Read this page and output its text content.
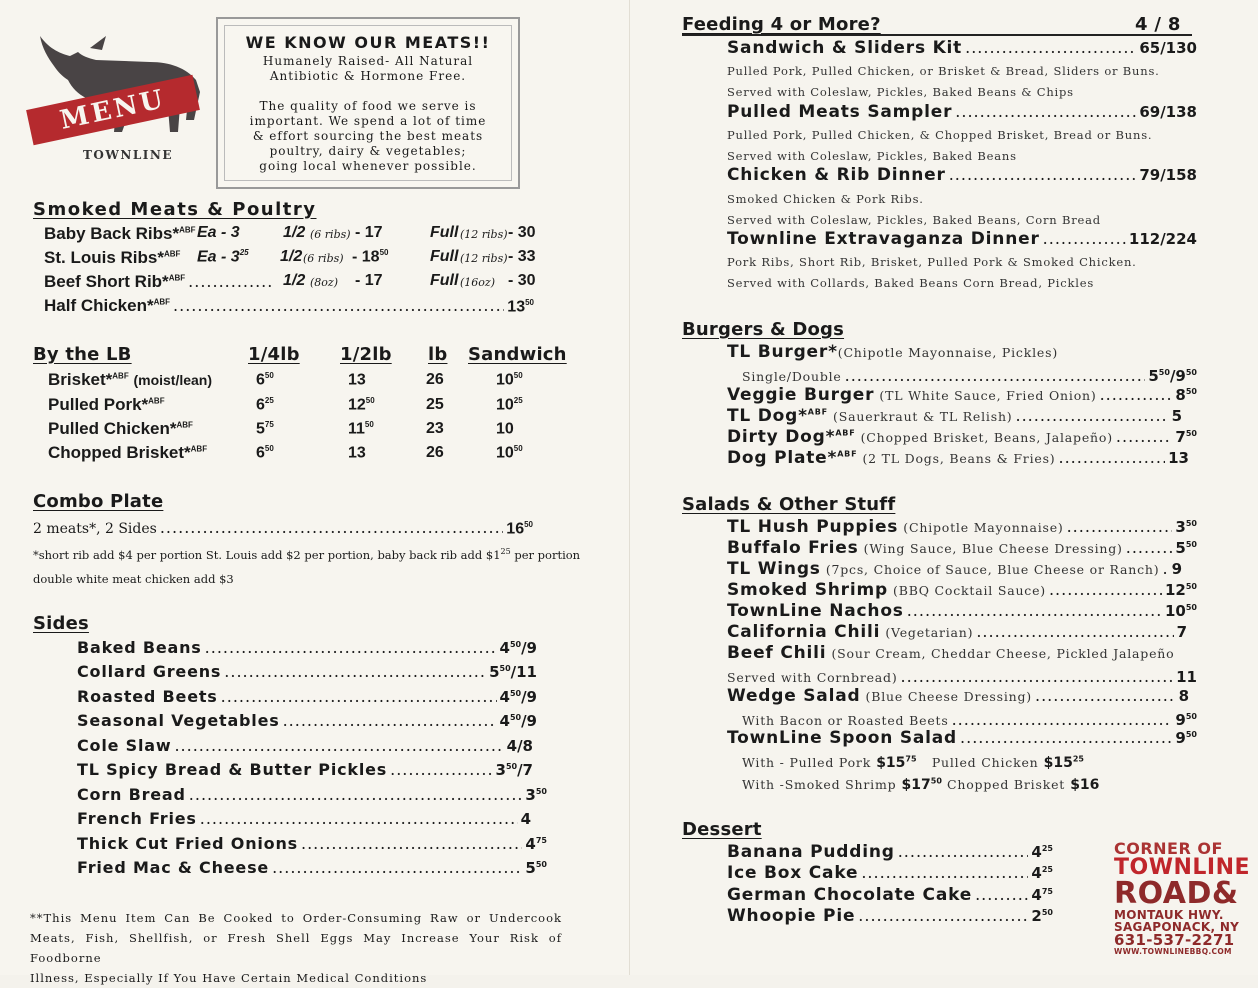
MENU
TOWNLINE
WE KNOW OUR MEATS!!
Humanely Raised- All Natural
Antibiotic & Hormone Free.
The quality of food we serve is
important. We spend a lot of time
& effort sourcing the best meats
poultry, dairy & vegetables;
going local whenever possible.
Smoked Meats & Poultry
Baby Back Ribs*$^{ABF}$ Ea - 3	1/2 (6 ribs) - 17	Full (12 ribs) - 30
St. Louis Ribs*$^{ABF}$ Ea - $3^{25}$ 1/2 (6 ribs) - $18^{50}$	Full (12 ribs) - 33
Beef Short Rib*$^{ABF}$ .....	1/2 (8oz) - 17	Full (16oz) - 30
Half Chicken*$^{ABF}$ .....	$13^{50}$
By the LB	1/4lb 1/2lb lb Sandwich
Brisket*$^{ABF}$ (moist/lean)	$6^{50}$	13	26	$10^{50}$
Pulled Pork*$^{ABF}$	$6^{25}$	$12^{50}$	25	$10^{25}$
Pulled Chicken*$^{ABF}$	$5^{75}$	$11^{50}$	23	10
Chopped Brisket*$^{ABF}$	$6^{50}$	13	26	$10^{50}$
Combo Plate
2 meats*, 2 Sides .....	$16^{50}$
*short rib add $4 per portion St. Louis add $2 per portion, baby back rib add $\$1^{25}$ per portion
double white meat chicken add $3
Sides
Baked Beans .....	$4^{50}/9$
Collard Greens .....	$5^{50}/11$
Roasted Beets .....	$4^{50}/9$
Seasonal Vegetables .....	$4^{50}/9$
Cole Slaw .....	4/8
TL Spicy Bread & Butter Pickles .....	$3^{50}/7$
Corn Bread .....	$3^{50}$
French Fries .....	4
Thick Cut Fried Onions .....	$4^{75}$
Fried Mac & Cheese .....	$5^{50}$
**This Menu Item Can Be Cooked to Order-Consuming Raw or Undercook
Meats, Fish, Shellfish, or Fresh Shell Eggs May Increase Your Risk of Foodborne
Illness, Especially If You Have Certain Medical Conditions
Feeding 4 or More?	4 / 8
Sandwich & Sliders Kit .....	65/130
Pulled Pork, Pulled Chicken, or Brisket & Bread, Sliders or Buns.
Served with Coleslaw, Pickles, Baked Beans & Chips
Pulled Meats Sampler .....	69/138
Pulled Pork, Pulled Chicken, & Chopped Brisket, Bread or Buns.
Served with Coleslaw, Pickles, Baked Beans
Chicken & Rib Dinner .....	79/158
Smoked Chicken & Pork Ribs.
Served with Coleslaw, Pickles, Baked Beans, Corn Bread
Townline Extravaganza Dinner .....	112/224
Pork Ribs, Short Rib, Brisket, Pulled Pork & Smoked Chicken.
Served with Collards, Baked Beans Corn Bread, Pickles
Burgers & Dogs
TL Burger*(Chipotle Mayonnaise, Pickles)
Single/Double .....	$5^{50}/9^{50}$
Veggie Burger
(TL White Sauce, Fried Onion) .....	$8^{50}$
TL Dog*$^{ABF}$
(Sauerkraut & TL Relish) .....	5
Dirty Dog*$^{ABF}$
(Chopped Brisket, Beans, Jalapeño) .....	$7^{50}$
Dog Plate*$^{ABF}$
(2 TL Dogs, Beans & Fries) .....	13
Salads & Other Stuff
TL Hush Puppies
(Chipotle Mayonnaise) .....	$3^{50}$
Buffalo Fries
(Wing Sauce, Blue Cheese Dressing) .....	$5^{50}$
TL Wings
(7pcs, Choice of Sauce, Blue Cheese or Ranch) ..... 9
Smoked Shrimp
(BBQ Cocktail Sauce) .....	$12^{50}$
TownLine Nachos .....	$10^{50}$
California Chili
(Vegetarian) .....	7
Beef Chili (Sour Cream, Cheddar Cheese, Pickled Jalapeño
Served with Cornbread) .....	11
Wedge Salad
(Blue Cheese Dressing) .....	8
With Bacon or Roasted Beets .....	$9^{50}$
TownLine Spoon Salad .....	$9^{50}$
With - Pulled Pork $\$15^{75}$ Pulled Chicken $\$15^{25}$
With -Smoked Shrimp $\$17^{50}$ Chopped Brisket $16
Dessert
Banana Pudding .....	$4^{25}$
Ice Box Cake .....	$4^{25}$
German Chocolate Cake .....	$4^{75}$
Whoopie Pie .....	$2^{50}$
CORNER OF
TOWNLINE
ROAD&
MONTAUK HWY.
SAGAPONACK, NY
631-537-2271
WWW.TOWNLINEBBQ.COM
